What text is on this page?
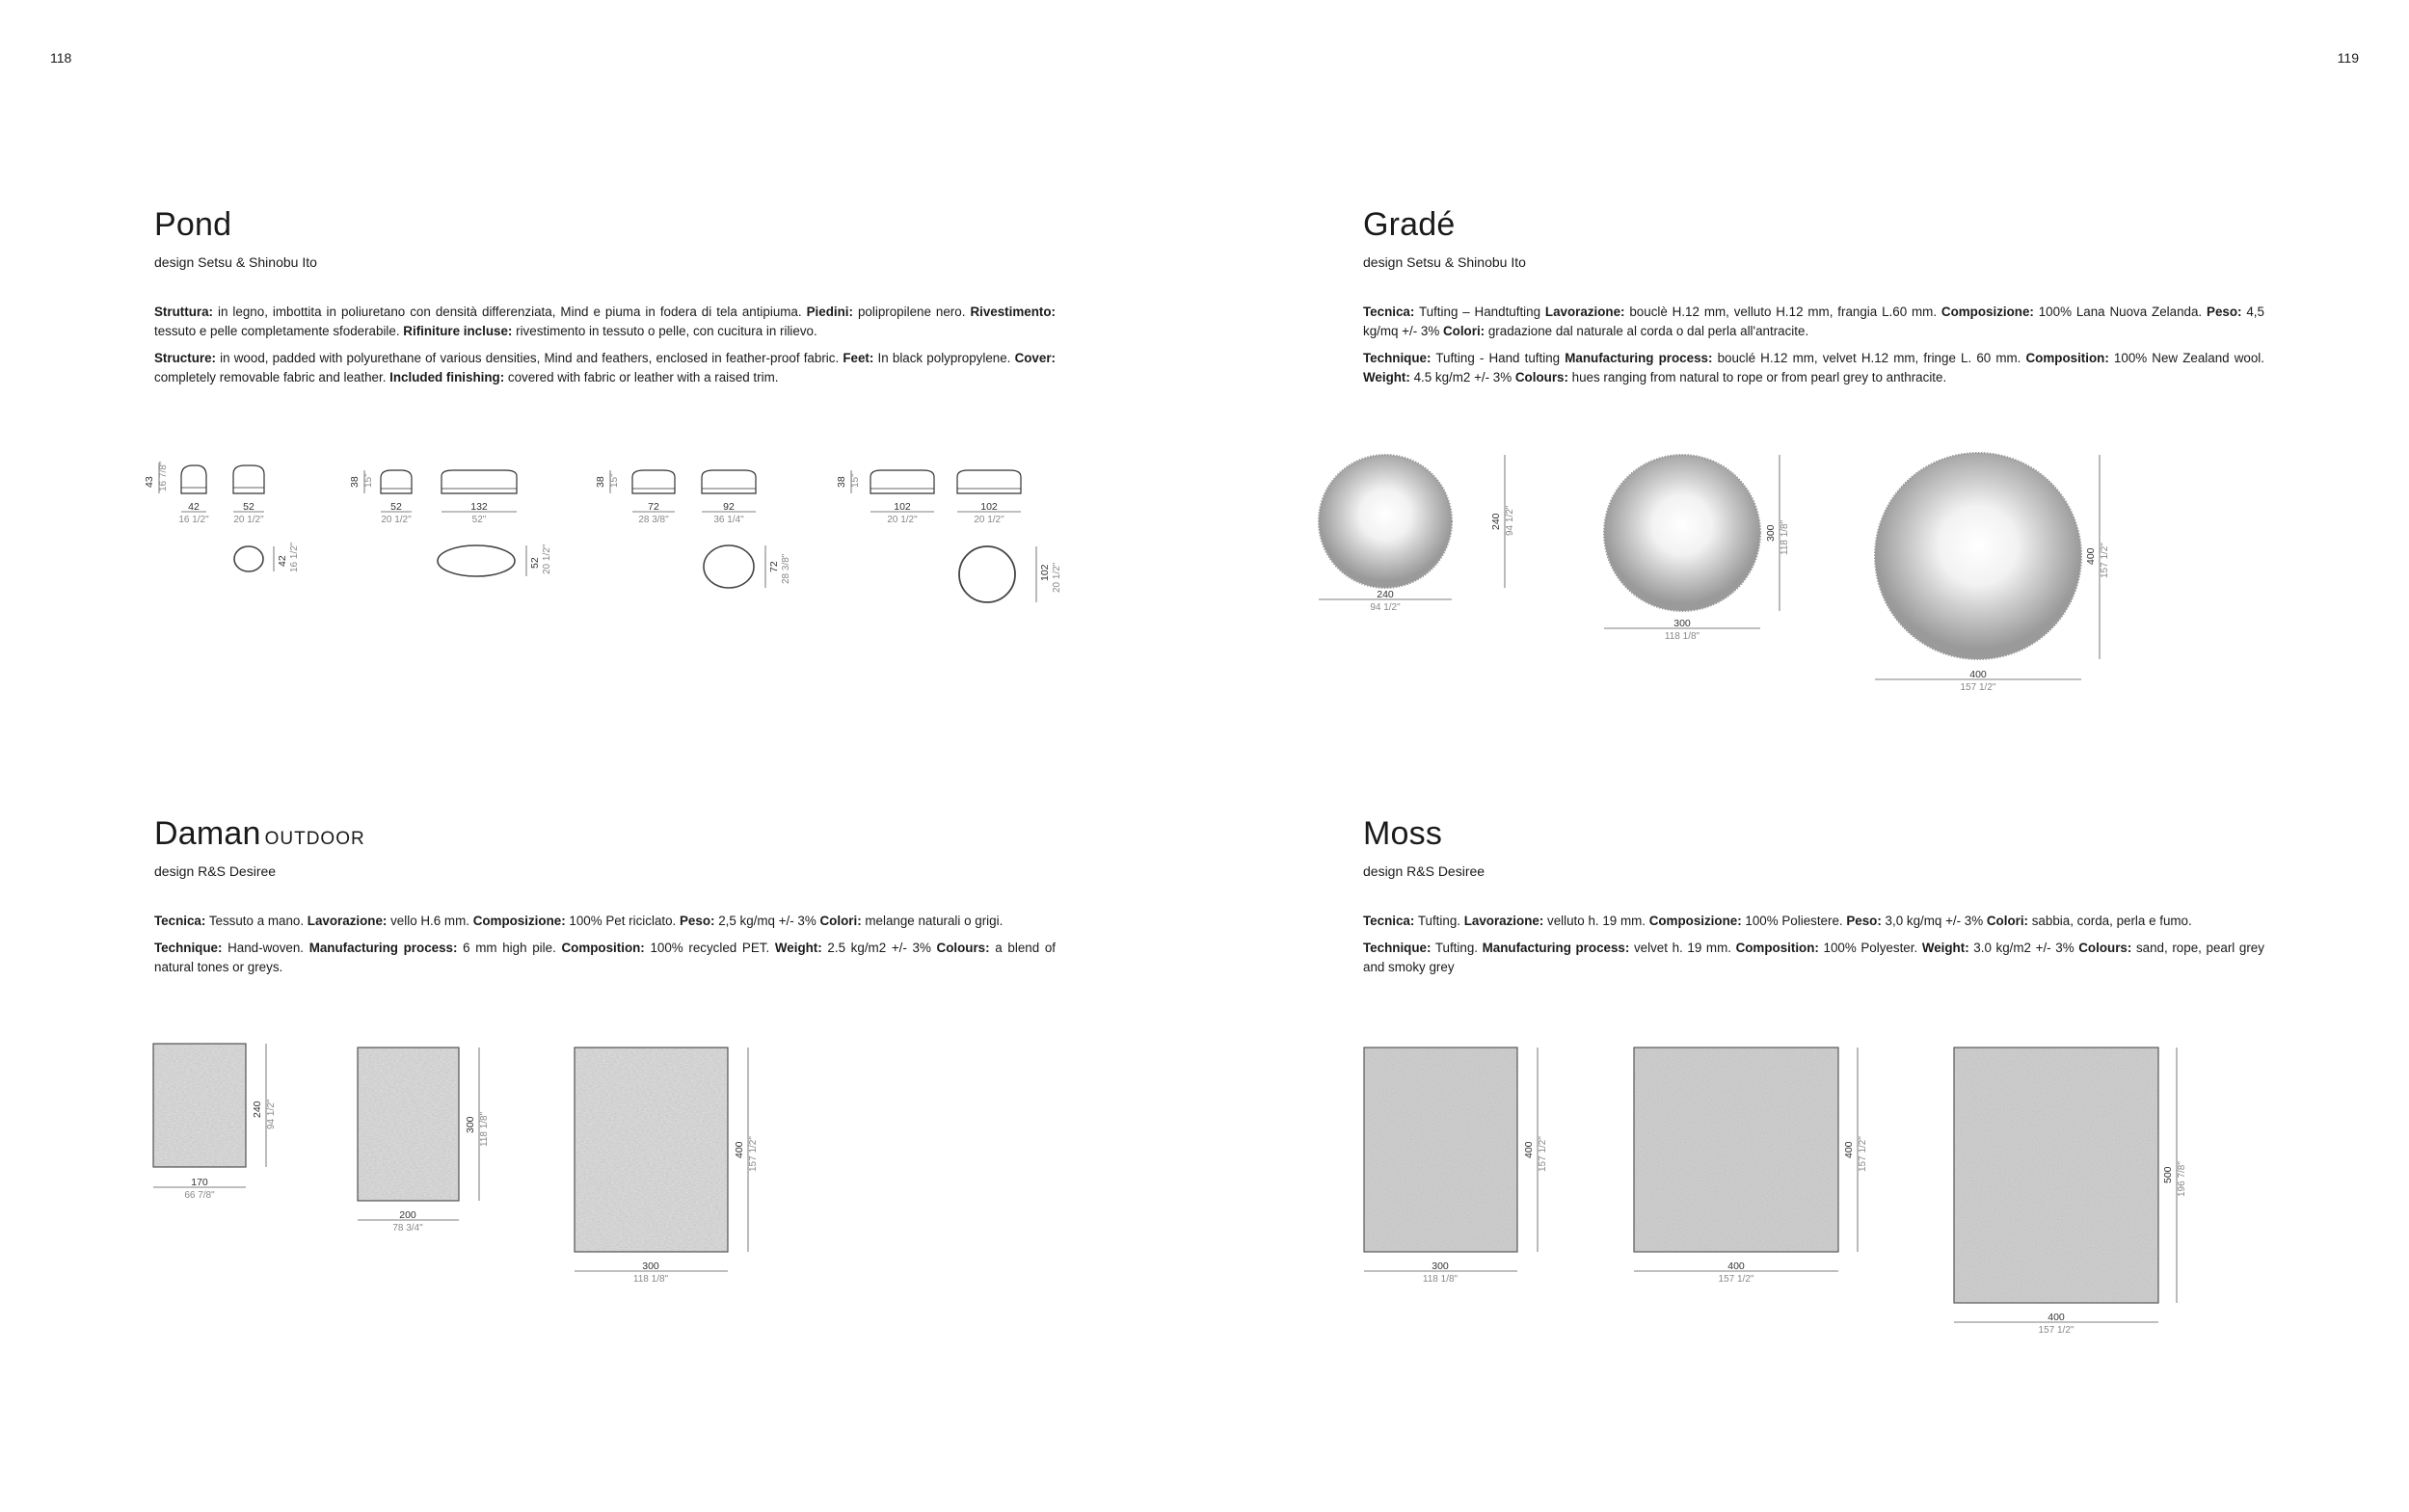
118	119
Pond
design Setsu & Shinobu Ito

Struttura: in legno, imbottita in poliuretano con densità differenziata, Mind e piuma in fodera di tela antipiuma. Piedini: polipropilene nero. Rivestimento: tessuto e pelle completamente sfoderabile. Rifiniture incluse: rivestimento in tessuto o pelle, con cucitura in rilievo.

Structure: in wood, padded with polyurethane of various densities, Mind and feathers, enclosed in feather-proof fabric. Feet: In black polypropylene. Cover: completely removable fabric and leather. Included finishing: covered with fabric or leather with a raised trim.

43 16 7/8"
42
16 1/2"
52
20 1/2"
42 16 1/2"
38 15"
52
20 1/2"
132
52"
52 20 1/2"
38 15"
72
28 3/8"
92
36 1/4"
72 28 3/8"
38 15"
102
20 1/2"
102
20 1/2"
102 20 1/2"
Gradé
design Setsu & Shinobu Ito

Tecnica: Tufting – Handtufting Lavorazione: bouclè H.12 mm, velluto H.12 mm, frangia L.60 mm. Composizione: 100% Lana Nuova Zelanda. Peso: 4,5 kg/mq +/- 3% Colori: gradazione dal naturale al corda o dal perla all'antracite.

Technique: Tufting - Hand tufting Manufacturing process: bouclé H.12 mm, velvet H.12 mm, fringe L. 60 mm. Composition: 100% New Zealand wool. Weight: 4.5 kg/m2 +/- 3% Colours: hues ranging from natural to rope or from pearl grey to anthracite.

240
94 1/2"
240 94 1/2"
300
118 1/8"
300 118 1/8"
400
157 1/2"
400 157 1/2"
Daman OUTDOOR
design R&S Desiree

Tecnica: Tessuto a mano. Lavorazione: vello H.6 mm. Composizione: 100% Pet riciclato. Peso: 2,5 kg/mq +/- 3% Colori: melange naturali o grigi.

Technique: Hand-woven. Manufacturing process: 6 mm high pile. Composition: 100% recycled PET. Weight: 2.5 kg/m2 +/- 3% Colours: a blend of natural tones or greys.

170
66 7/8"
240 94 1/2"
200
78 3/4"
300 118 1/8"
300
118 1/8"
400 157 1/2"
Moss
design R&S Desiree

Tecnica: Tufting. Lavorazione: velluto h. 19 mm. Composizione: 100% Poliestere. Peso: 3,0 kg/mq +/- 3% Colori: sabbia, corda, perla e fumo.

Technique: Tufting. Manufacturing process: velvet h. 19 mm. Composition: 100% Polyester. Weight: 3.0 kg/m2 +/- 3% Colours: sand, rope, pearl grey and smoky grey

300
118 1/8"
400 157 1/2"
400
157 1/2"
400 157 1/2"
400
157 1/2"
500 196 7/8"
